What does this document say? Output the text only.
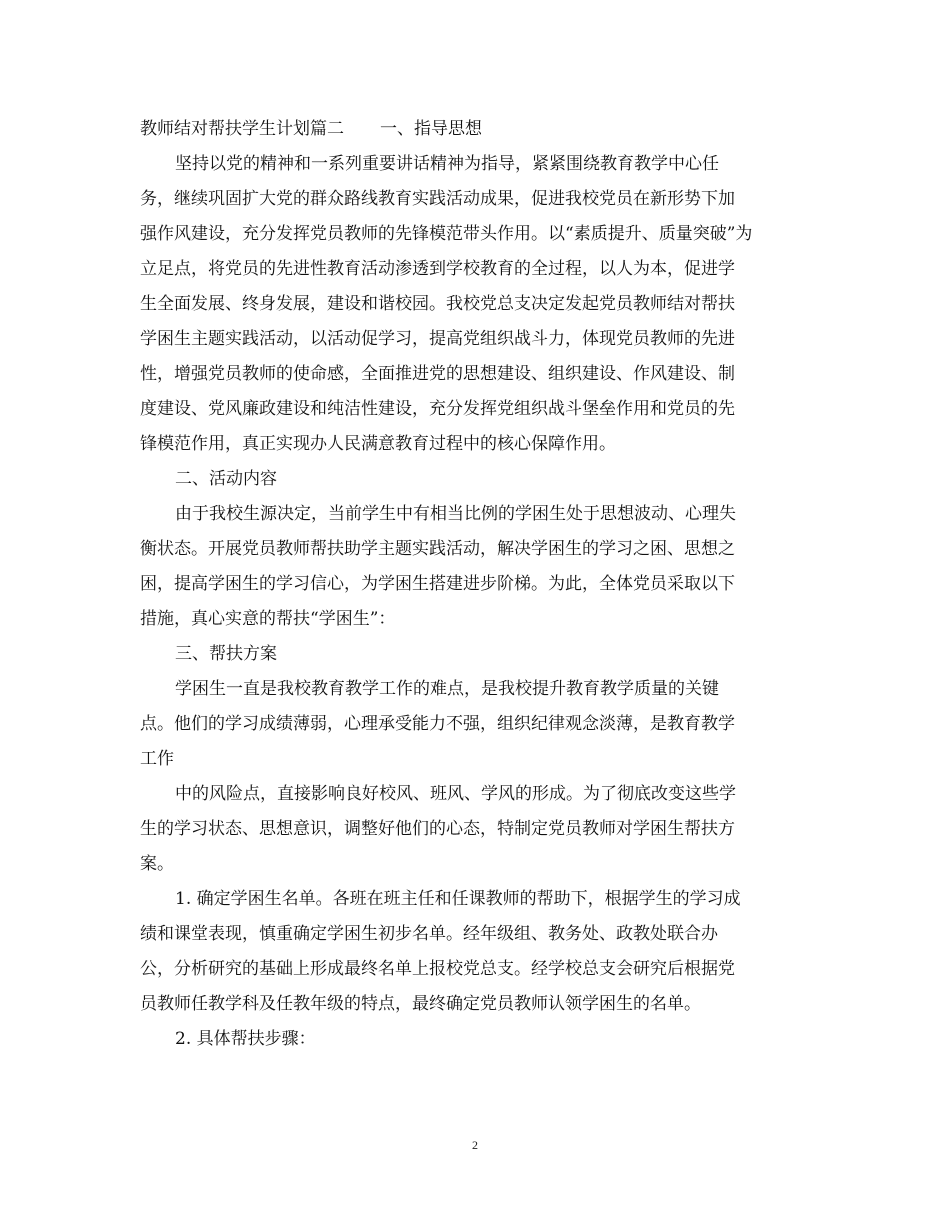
教师结对帮扶学生计划篇二 一、指导思想

坚持以党的精神和一系列重要讲话精神为指导，紧紧围绕教育教学中心任

务，继续巩固扩大党的群众路线教育实践活动成果，促进我校党员在新形势下加

强作风建设，充分发挥党员教师的先锋模范带头作用。以“素质提升、质量突破”为

立足点，将党员的先进性教育活动渗透到学校教育的全过程，以人为本，促进学

生全面发展、终身发展，建设和谐校园。我校党总支决定发起党员教师结对帮扶

学困生主题实践活动，以活动促学习，提高党组织战斗力，体现党员教师的先进

性，增强党员教师的使命感，全面推进党的思想建设、组织建设、作风建设、制

度建设、党风廉政建设和纯洁性建设，充分发挥党组织战斗堡垒作用和党员的先

锋模范作用，真正实现办人民满意教育过程中的核心保障作用。

二、活动内容

由于我校生源决定，当前学生中有相当比例的学困生处于思想波动、心理失

衡状态。开展党员教师帮扶助学主题实践活动，解决学困生的学习之困、思想之

困，提高学困生的学习信心，为学困生搭建进步阶梯。为此，全体党员采取以下

措施，真心实意的帮扶“学困生”：

三、帮扶方案

学困生一直是我校教育教学工作的难点，是我校提升教育教学质量的关键

点。他们的学习成绩薄弱，心理承受能力不强，组织纪律观念淡薄，是教育教学

工作

中的风险点，直接影响良好校风、班风、学风的形成。为了彻底改变这些学

生的学习状态、思想意识，调整好他们的心态，特制定党员教师对学困生帮扶方

案。

1. 确定学困生名单。各班在班主任和任课教师的帮助下，根据学生的学习成

绩和课堂表现，慎重确定学困生初步名单。经年级组、教务处、政教处联合办

公，分析研究的基础上形成最终名单上报校党总支。经学校总支会研究后根据党

员教师任教学科及任教年级的特点，最终确定党员教师认领学困生的名单。

2. 具体帮扶步骤：

2
